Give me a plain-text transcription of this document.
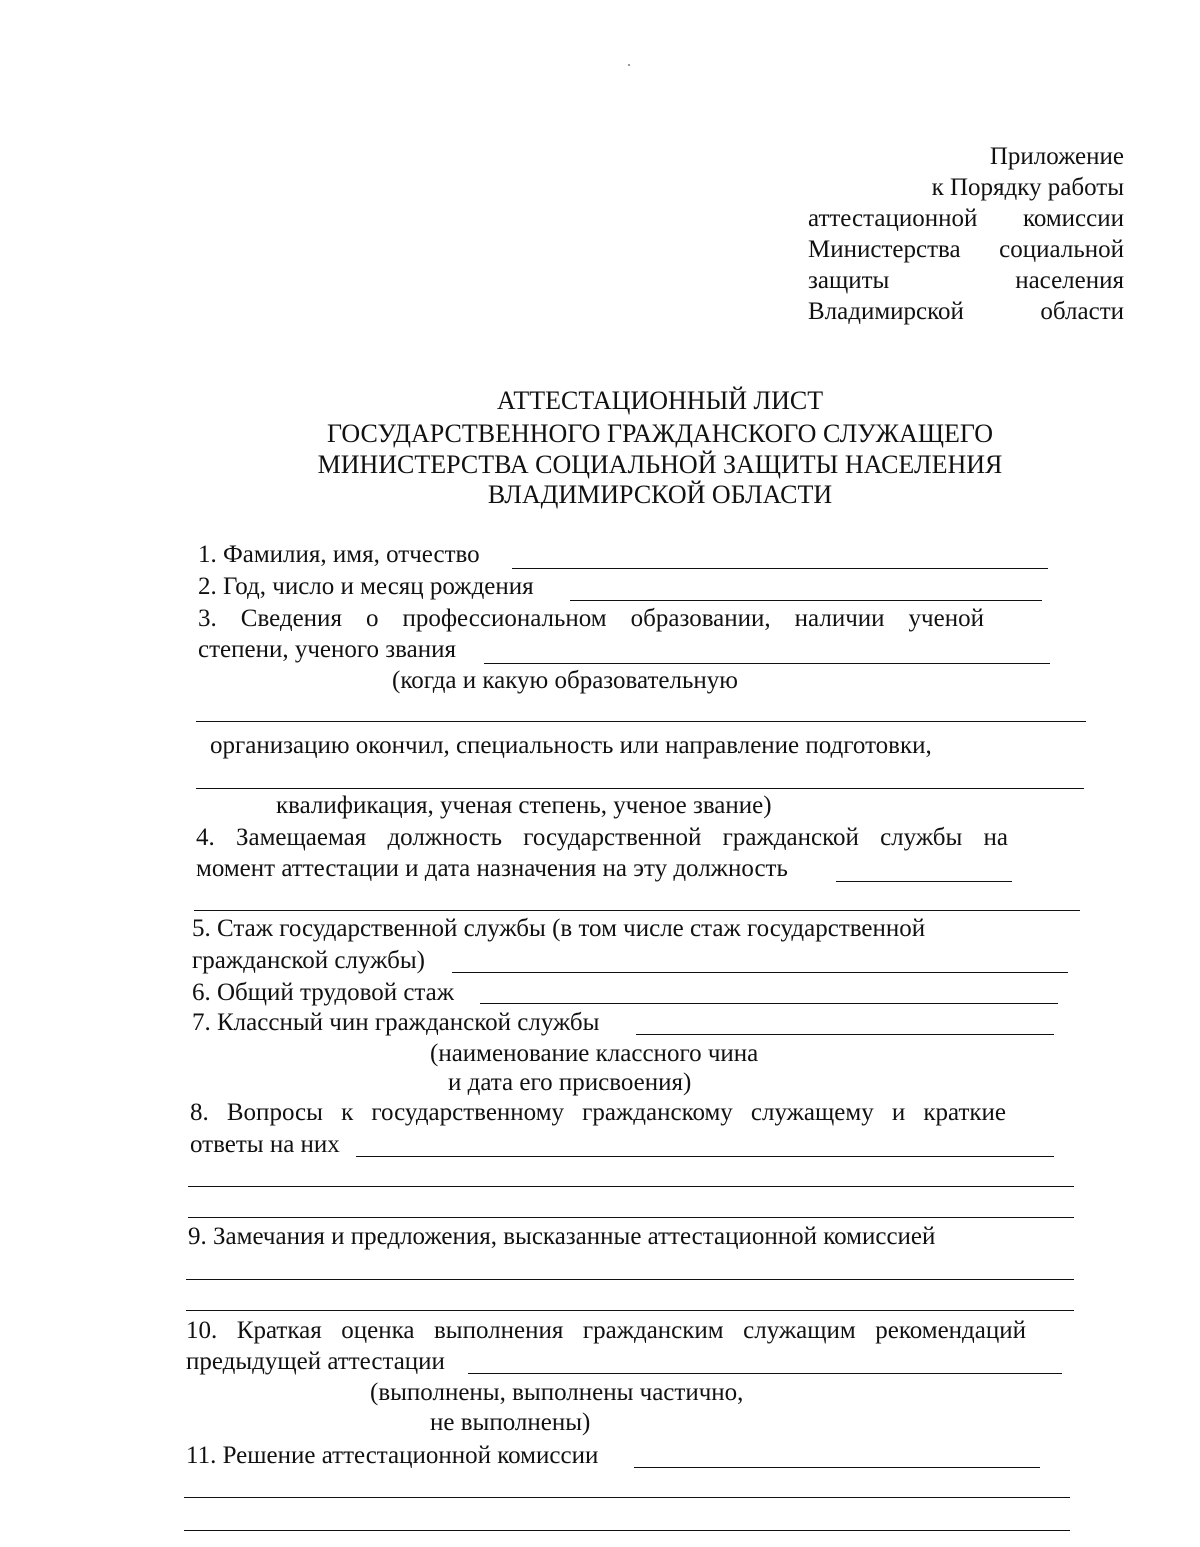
Приложение
к Порядку работы
аттестационной комиссии
Министерства социальной
защиты населения
Владимирской области
АТТЕСТАЦИОННЫЙ ЛИСТ
ГОСУДАРСТВЕННОГО ГРАЖДАНСКОГО СЛУЖАЩЕГО
МИНИСТЕРСТВА СОЦИАЛЬНОЙ ЗАЩИТЫ НАСЕЛЕНИЯ
ВЛАДИМИРСКОЙ ОБЛАСТИ
1. Фамилия, имя, отчество
2. Год, число и месяц рождения
3. Сведения о профессиональном образовании, наличии ученой
степени, ученого звания
(когда и какую образовательную
организацию окончил, специальность или направление подготовки,
квалификация, ученая степень, ученое звание)
4. Замещаемая должность государственной гражданской службы на
момент аттестации и дата назначения на эту должность
5. Стаж государственной службы (в том числе стаж государственной
гражданской службы)
6. Общий трудовой стаж
7. Классный чин гражданской службы
(наименование классного чина
и дата его присвоения)
8. Вопросы к государственному гражданскому служащему и краткие
ответы на них
9. Замечания и предложения, высказанные аттестационной комиссией
10. Краткая оценка выполнения гражданским служащим рекомендаций
предыдущей аттестации
(выполнены, выполнены частично,
не выполнены)
11. Решение аттестационной комиссии
